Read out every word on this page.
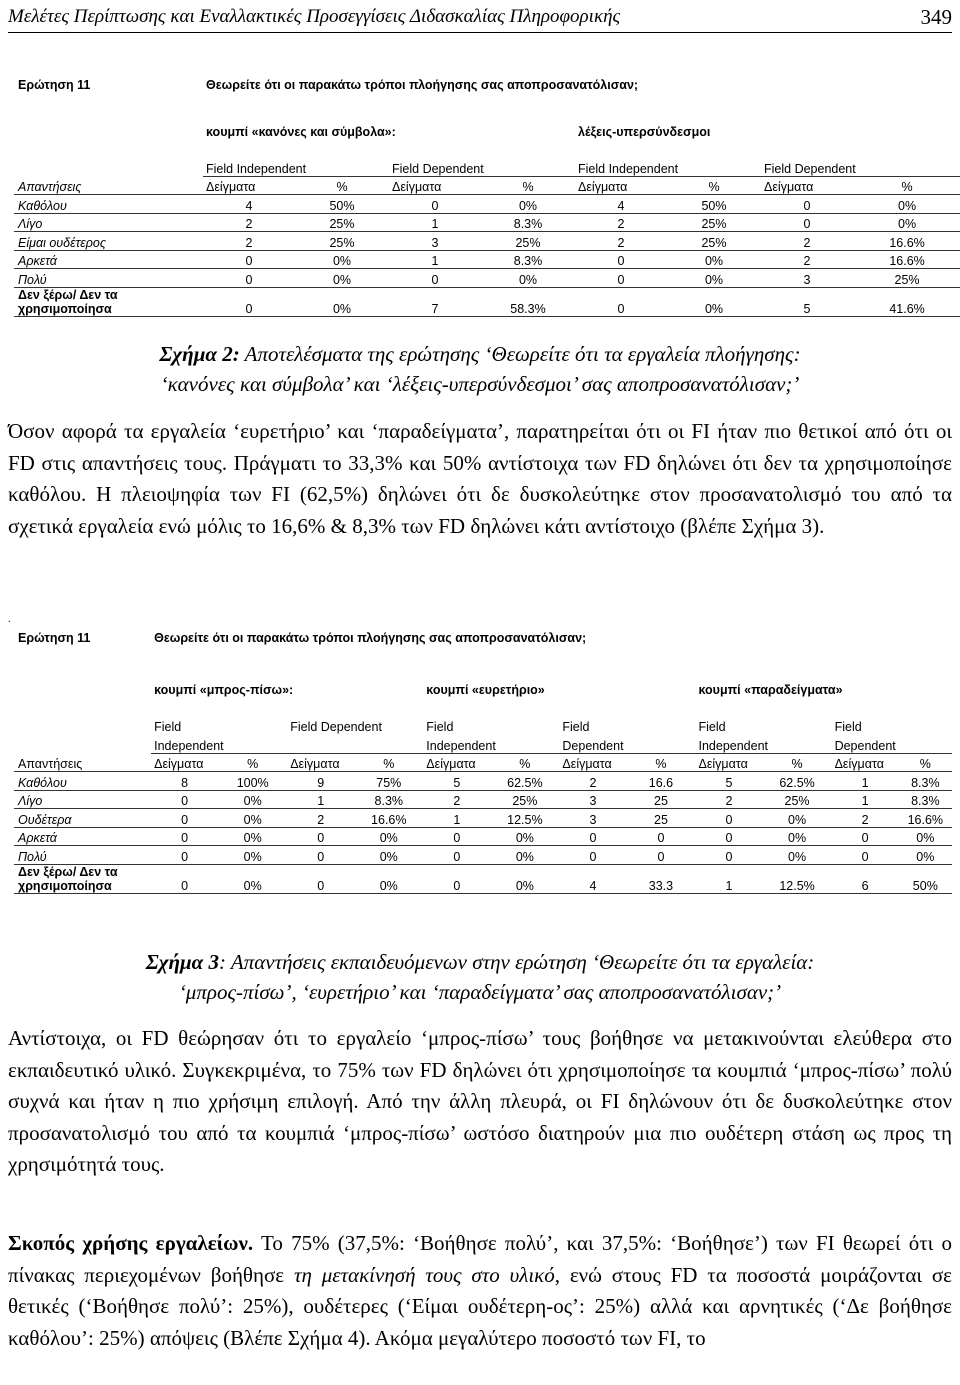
Μελέτες Περίπτωσης και Εναλλακτικές Προσεγγίσεις Διδασκαλίας Πληροφορικής	349
Ερώτηση 11	Θεωρείτε ότι οι παρακάτω τρόποι πλοήγησης σας αποπροσανατόλισαν;							

	κουμπί «κανόνες και σύμβολα»:				λέξεις-υπερσύνδεσμοι			

	Field Independent		Field Dependent		Field Independent		Field Dependent	
Απαντήσεις	Δείγματα	%	Δείγματα	%	Δείγματα	%	Δείγματα	%
Καθόλου	4	50%	0	0%	4	50%	0	0%
Λίγο	2	25%	1	8.3%	2	25%	0	0%
Είμαι ουδέτερος	2	25%	3	25%	2	25%	2	16.6%
Αρκετά	0	0%	1	8.3%	0	0%	2	16.6%
Πολύ	0	0%	0	0%	0	0%	3	25%
Δεν ξέρω/ Δεν τα χρησιμοποίησα	0	0%	7	58.3%	0	0%	5	41.6%
Σχήμα 2: Αποτελέσματα της ερώτησης ‘Θεωρείτε ότι τα εργαλεία πλοήγησης:
‘κανόνες και σύμβολα’ και ‘λέξεις-υπερσύνδεσμοι’ σας αποπροσανατόλισαν;’

Όσον αφορά τα εργαλεία ‘ευρετήριο’ και ‘παραδείγματα’, παρατηρείται ότι οι FI ήταν πιο θετικοί από ότι οι FD στις απαντήσεις τους. Πράγματι το 33,3% και 50% αντίστοιχα των FD δηλώνει ότι δεν τα χρησιμοποίησε καθόλου. Η πλειοψηφία των FI (62,5%) δηλώνει ότι δε δυσκολεύτηκε στον προσανατολισμό του από τα σχετικά εργαλεία ενώ μόλις το 16,6% & 8,3% των FD δηλώνει κάτι αντίστοιχο (βλέπε Σχήμα 3).

.
Ερώτηση 11	Θεωρείτε ότι οι παρακάτω τρόποι πλοήγησης σας αποπροσανατόλισαν;											

	κουμπί «μπρος-πίσω»:				κουμπί «ευρετήριο»				κουμπί «παραδείγματα»			

	Field		Field Dependent		Field		Field		Field		Field	
	Independent				Independent		Dependent		Independent		Dependent	
Απαντήσεις	Δείγματα	%	Δείγματα	%	Δείγματα	%	Δείγματα	%	Δείγματα	%	Δείγματα	%
Καθόλου	8	100%	9	75%	5	62.5%	2	16.6	5	62.5%	1	8.3%
Λίγο	0	0%	1	8.3%	2	25%	3	25	2	25%	1	8.3%
Ουδέτερα	0	0%	2	16.6%	1	12.5%	3	25	0	0%	2	16.6%
Αρκετά	0	0%	0	0%	0	0%	0	0	0	0%	0	0%
Πολύ	0	0%	0	0%	0	0%	0	0	0	0%	0	0%
Δεν ξέρω/ Δεν τα χρησιμοποίησα	0	0%	0	0%	0	0%	4	33.3	1	12.5%	6	50%
Σχήμα 3: Απαντήσεις εκπαιδευόμενων στην ερώτηση ‘Θεωρείτε ότι τα εργαλεία:
‘μπρος-πίσω’, ‘ευρετήριο’ και ‘παραδείγματα’ σας αποπροσανατόλισαν;’

Αντίστοιχα, οι FD θεώρησαν ότι το εργαλείο ‘μπρος-πίσω’ τους βοήθησε να μετακινούνται ελεύθερα στο εκπαιδευτικό υλικό. Συγκεκριμένα, το 75% των FD δηλώνει ότι χρησιμοποίησε τα κουμπιά ‘μπρος-πίσω’ πολύ συχνά και ήταν η πιο χρήσιμη επιλογή. Από την άλλη πλευρά, οι FI δηλώνουν ότι δε δυσκολεύτηκε στον προσανατολισμό του από τα κουμπιά ‘μπρος-πίσω’ ωστόσο διατηρούν μια πιο ουδέτερη στάση ως προς τη χρησιμότητά τους.

Σκοπός χρήσης εργαλείων. Το 75% (37,5%: ‘Βοήθησε πολύ’, και 37,5%: ‘Βοήθησε’) των FI θεωρεί ότι ο πίνακας περιεχομένων βοήθησε τη μετακίνησή τους στο υλικό, ενώ στους FD τα ποσοστά μοιράζονται σε θετικές (‘Βοήθησε πολύ’: 25%), ουδέτερες (‘Είμαι ουδέτερη-ος’: 25%) αλλά και αρνητικές (‘Δε βοήθησε καθόλου’: 25%) απόψεις (Βλέπε Σχήμα 4). Ακόμα μεγαλύτερο ποσοστό των FI, το
